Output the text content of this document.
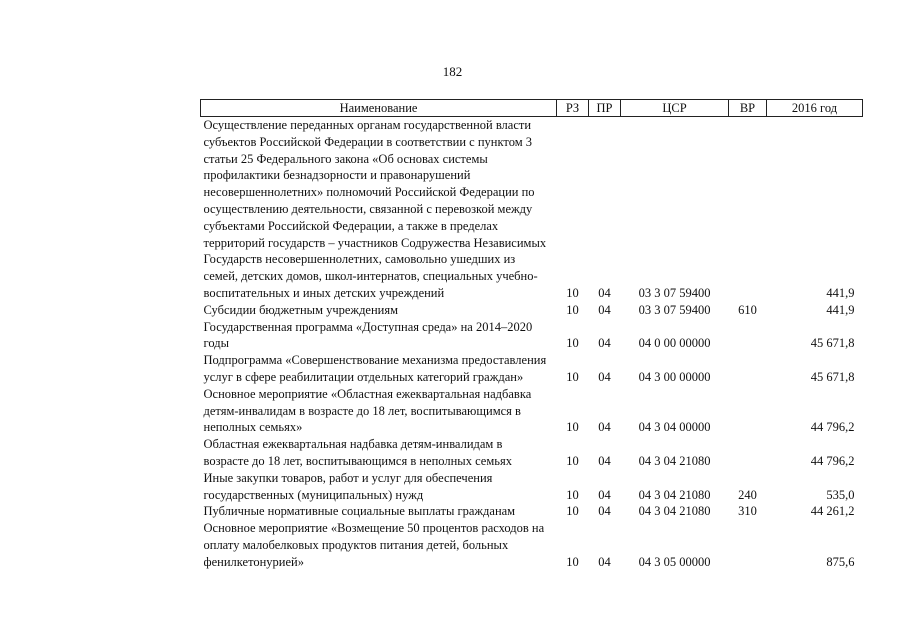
182
Наименование	РЗ	ПР	ЦСР	ВР	2016 год
Осуществление переданных органам государственной власти субъектов Российской Федерации в соответствии с пунктом 3 статьи 25 Федерального закона «Об основах системы профилактики безнадзорности и правонарушений несовершеннолетних» полномочий Российской Федерации по осуществлению деятельности, связанной с перевозкой между субъектами Российской Федерации, а также в пределах территорий государств – участников Содружества Независимых Государств несовершеннолетних, самовольно ушедших из семей, детских домов, школ-интернатов, специальных учебно-воспитательных и иных детских учреждений	10	04	03 3 07 59400		441,9
Субсидии бюджетным учреждениям	10	04	03 3 07 59400	610	441,9
Государственная программа «Доступная среда» на 2014–2020 годы	10	04	04 0 00 00000		45 671,8
Подпрограмма «Совершенствование механизма предоставления услуг в сфере реабилитации отдельных категорий граждан»	10	04	04 3 00 00000		45 671,8
Основное мероприятие «Областная ежеквартальная надбавка детям-инвалидам в возрасте до 18 лет, воспитывающимся в неполных семьях»	10	04	04 3 04 00000		44 796,2
Областная ежеквартальная надбавка детям-инвалидам в возрасте до 18 лет, воспитывающимся в неполных семьях	10	04	04 3 04 21080		44 796,2
Иные закупки товаров, работ и услуг для обеспечения государственных (муниципальных) нужд	10	04	04 3 04 21080	240	535,0
Публичные нормативные социальные выплаты гражданам	10	04	04 3 04 21080	310	44 261,2
Основное мероприятие «Возмещение 50 процентов расходов на оплату малобелковых продуктов питания детей, больных фенилкетонурией»	10	04	04 3 05 00000		875,6
